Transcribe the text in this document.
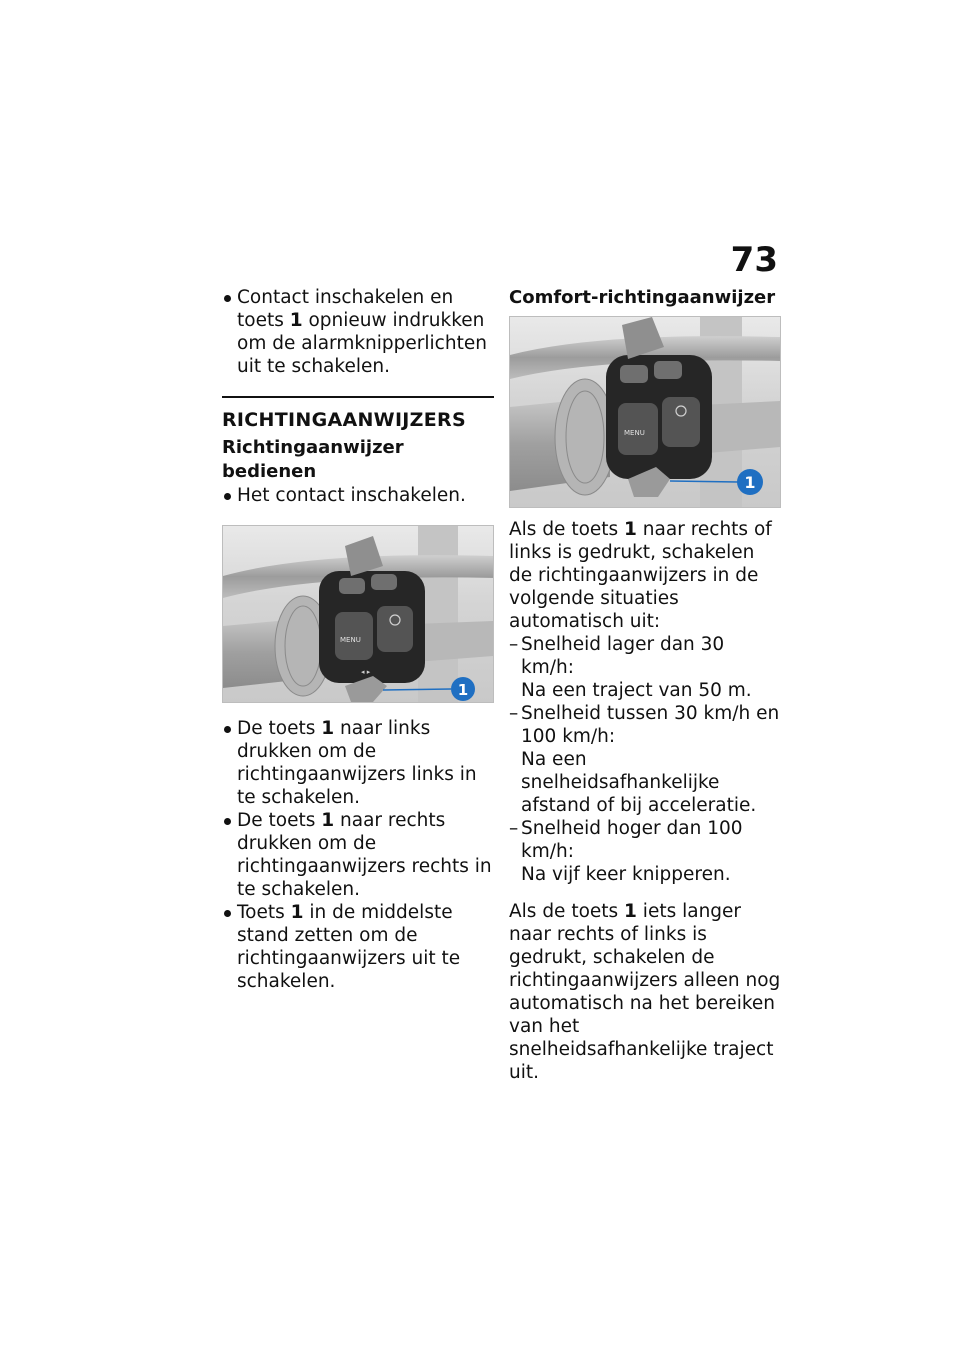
73
Contact inschakelen en toets 1 opnieuw indrukken om de alarmknipperlichten uit te schakelen.
RICHTINGAANWIJZERS
Richtingaanwijzer bedienen
Het contact inschakelen.
MENU
◂ ▸
1
De toets 1 naar links drukken om de richtingaanwijzers links in te schakelen.
De toets 1 naar rechts drukken om de richtingaanwijzers rechts in te schakelen.
Toets 1 in de middelste stand zetten om de richtingaanwijzers uit te schakelen.
Comfort-richtingaanwijzer
MENU
1

Als de toets 1 naar rechts of links is gedrukt, schakelen de richtingaanwijzers in de volgende situaties automatisch uit:

– Snelheid lager dan 30 km/h:
Na een traject van 50 m.
– Snelheid tussen 30 km/h en 100 km/h:
Na een snelheidsafhankelijke afstand of bij acceleratie.
– Snelheid hoger dan 100 km/h:
Na vijf keer knipperen.

Als de toets 1 iets langer naar rechts of links is gedrukt, schakelen de richtingaanwijzers alleen nog automatisch na het bereiken van het snelheidsafhankelijke traject uit.
